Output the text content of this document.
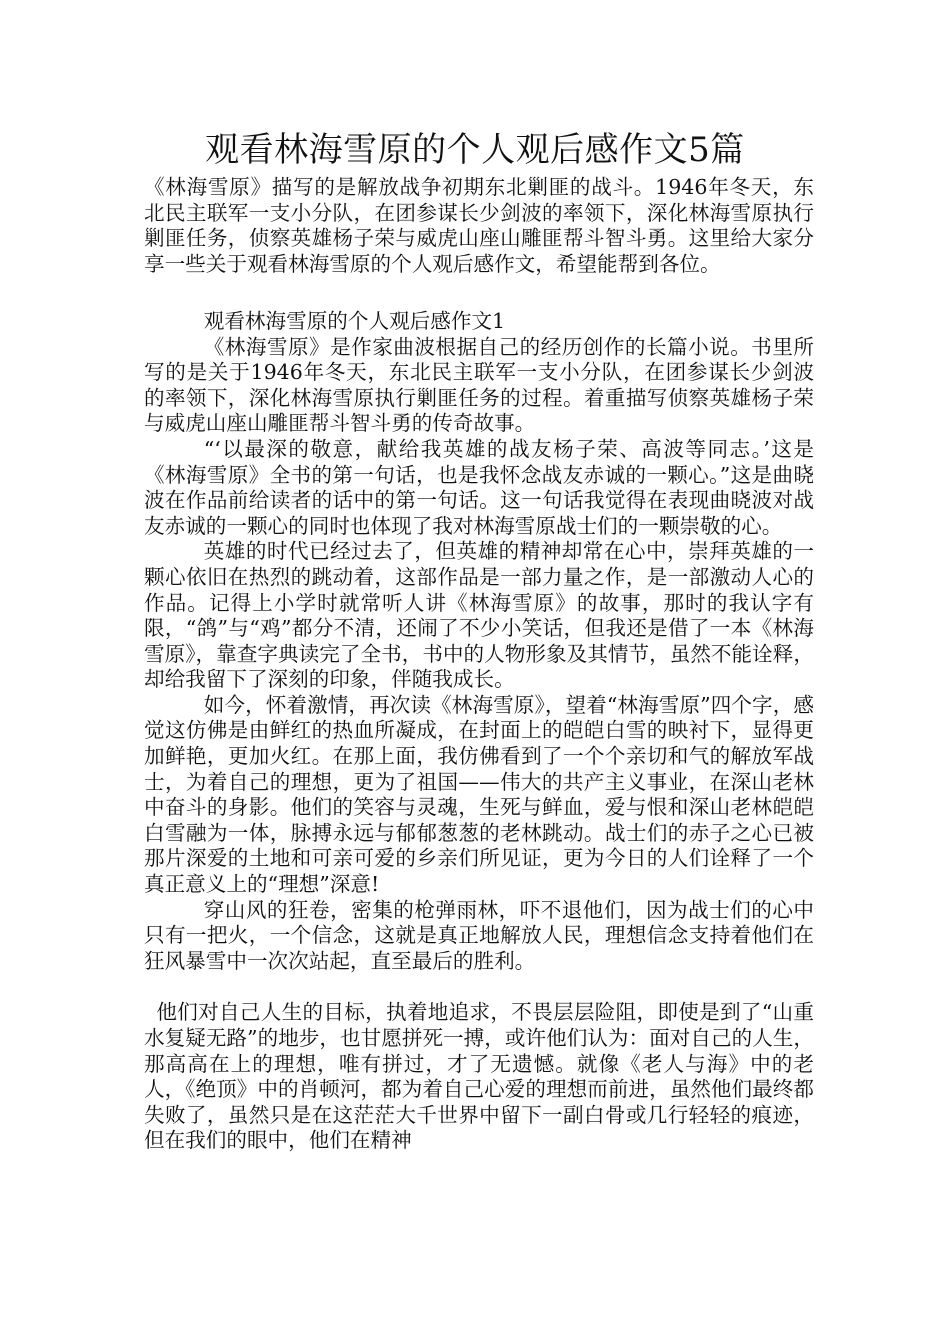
观看林海雪原的个人观后感作文5篇

《林海雪原》描写的是解放战争初期东北剿匪的战斗。1946年冬天，东北民主联军一支小分队，在团参谋长少剑波的率领下，深化林海雪原执行剿匪任务，侦察英雄杨子荣与威虎山座山雕匪帮斗智斗勇。这里给大家分享一些关于观看林海雪原的个人观后感作文，希望能帮到各位。

观看林海雪原的个人观后感作文1

《林海雪原》是作家曲波根据自己的经历创作的长篇小说。书里所写的是关于1946年冬天，东北民主联军一支小分队，在团参谋长少剑波的率领下，深化林海雪原执行剿匪任务的过程。着重描写侦察英雄杨子荣与威虎山座山雕匪帮斗智斗勇的传奇故事。

“‘以最深的敬意，献给我英雄的战友杨子荣、高波等同志。’这是《林海雪原》全书的第一句话，也是我怀念战友赤诚的一颗心。”这是曲晓波在作品前给读者的话中的第一句话。这一句话我觉得在表现曲晓波对战友赤诚的一颗心的同时也体现了我对林海雪原战士们的一颗崇敬的心。

英雄的时代已经过去了，但英雄的精神却常在心中，崇拜英雄的一颗心依旧在热烈的跳动着，这部作品是一部力量之作，是一部激动人心的作品。记得上小学时就常听人讲《林海雪原》的故事，那时的我认字有限，“鸽”与“鸡”都分不清，还闹了不少小笑话，但我还是借了一本《林海雪原》，靠查字典读完了全书，书中的人物形象及其情节，虽然不能诠释，却给我留下了深刻的印象，伴随我成长。

如今，怀着激情，再次读《林海雪原》，望着“林海雪原”四个字，感觉这仿佛是由鲜红的热血所凝成，在封面上的皑皑白雪的映衬下，显得更加鲜艳，更加火红。在那上面，我仿佛看到了一个个亲切和气的解放军战士，为着自己的理想，更为了祖国——伟大的共产主义事业，在深山老林中奋斗的身影。他们的笑容与灵魂，生死与鲜血，爱与恨和深山老林皑皑白雪融为一体，脉搏永远与郁郁葱葱的老林跳动。战士们的赤子之心已被那片深爱的土地和可亲可爱的乡亲们所见证，更为今日的人们诠释了一个真正意义上的“理想”深意!

穿山风的狂卷，密集的枪弹雨林，吓不退他们，因为战士们的心中只有一把火，一个信念，这就是真正地解放人民，理想信念支持着他们在狂风暴雪中一次次站起，直至最后的胜利。

他们对自己人生的目标，执着地追求，不畏层层险阻，即使是到了“山重水复疑无路”的地步，也甘愿拼死一搏，或许他们认为：面对自己的人生，那高高在上的理想，唯有拼过，才了无遗憾。就像《老人与海》中的老人，《绝顶》中的肖顿河，都为着自己心爱的理想而前进，虽然他们最终都失败了，虽然只是在这茫茫大千世界中留下一副白骨或几行轻轻的痕迹，但在我们的眼中，他们在精神
